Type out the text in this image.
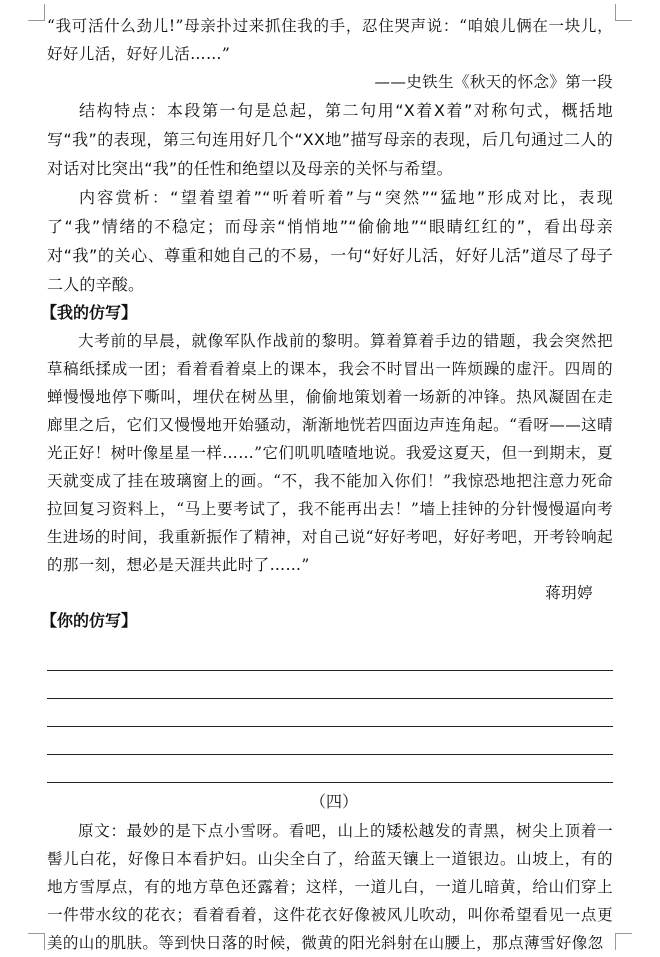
“我可活什么劲儿!”母亲扑过来抓住我的手，忍住哭声说：“咱娘儿俩在一块儿，好好儿活，好好儿活……”

——史铁生《秋天的怀念》第一段

结构特点：本段第一句是总起，第二句用“X着X着”对称句式，概括地写“我”的表现，第三句连用好几个“XX地”描写母亲的表现，后几句通过二人的对话对比突出“我”的任性和绝望以及母亲的关怀与希望。

内容赏析：“望着望着”“听着听着”与“突然”“猛地”形成对比，表现了“我”情绪的不稳定；而母亲“悄悄地”“偷偷地”“眼睛红红的”，看出母亲对“我”的关心、尊重和她自己的不易，一句“好好儿活，好好儿活”道尽了母子二人的辛酸。

【我的仿写】

大考前的早晨，就像军队作战前的黎明。算着算着手边的错题，我会突然把草稿纸揉成一团；看着看着桌上的课本，我会不时冒出一阵烦躁的虚汗。四周的蝉慢慢地停下嘶叫，埋伏在树丛里，偷偷地策划着一场新的冲锋。热风凝固在走廊里之后，它们又慢慢地开始骚动，渐渐地恍若四面边声连角起。“看呀——这晴光正好！树叶像星星一样……”它们叽叽喳喳地说。我爱这夏天，但一到期末，夏天就变成了挂在玻璃窗上的画。“不，我不能加入你们！”我惊恐地把注意力死命拉回复习资料上，“马上要考试了，我不能再出去！”墙上挂钟的分针慢慢逼向考生进场的时间，我重新振作了精神，对自己说“好好考吧，好好考吧，开考铃响起的那一刻，想必是天涯共此时了……”

蒋玥婷

【你的仿写】

（四）

原文：最妙的是下点小雪呀。看吧，山上的矮松越发的青黑，树尖上顶着一髻儿白花，好像日本看护妇。山尖全白了，给蓝天镶上一道银边。山坡上，有的地方雪厚点，有的地方草色还露着；这样，一道儿白，一道儿暗黄，给山们穿上一件带水纹的花衣；看着看着，这件花衣好像被风儿吹动，叫你希望看见一点更美的山的肌肤。等到快日落的时候，微黄的阳光斜射在山腰上，那点薄雪好像忽
